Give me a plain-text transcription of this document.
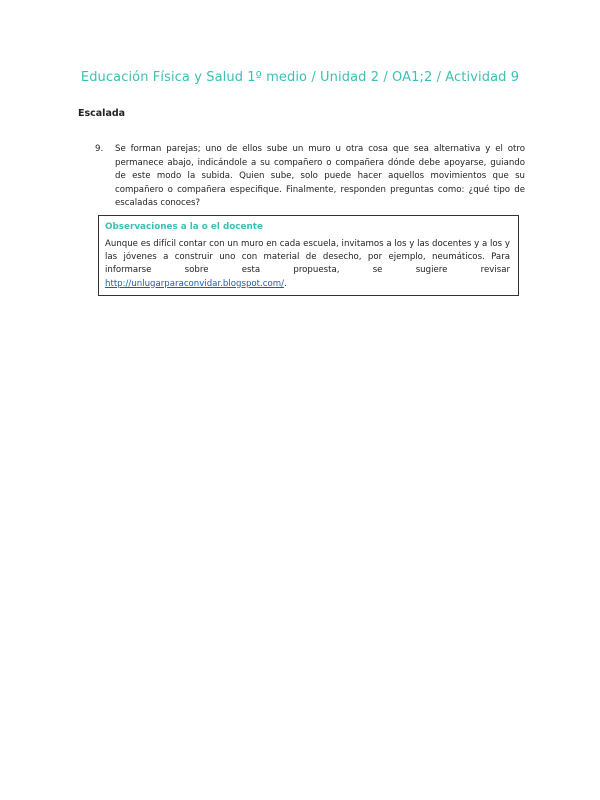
Educación Física y Salud 1º medio / Unidad 2 / OA1;2 / Actividad 9
Escalada
9.	Se forman parejas; uno de ellos sube un muro u otra cosa que sea alternativa y el otro permanece abajo, indicándole a su compañero o compañera dónde debe apoyarse, guiando de este modo la subida. Quien sube, solo puede hacer aquellos movimientos que su compañero o compañera especifique. Finalmente, responden preguntas como: ¿qué tipo de escaladas conoces?
Observaciones a la o el docente
Aunque es difícil contar con un muro en cada escuela, invitamos a los y las docentes y a los y las jóvenes a construir uno con material de desecho, por ejemplo, neumáticos. Para informarse sobre esta propuesta, se sugiere revisar http://unlugarparaconvidar.blogspot.com/.
